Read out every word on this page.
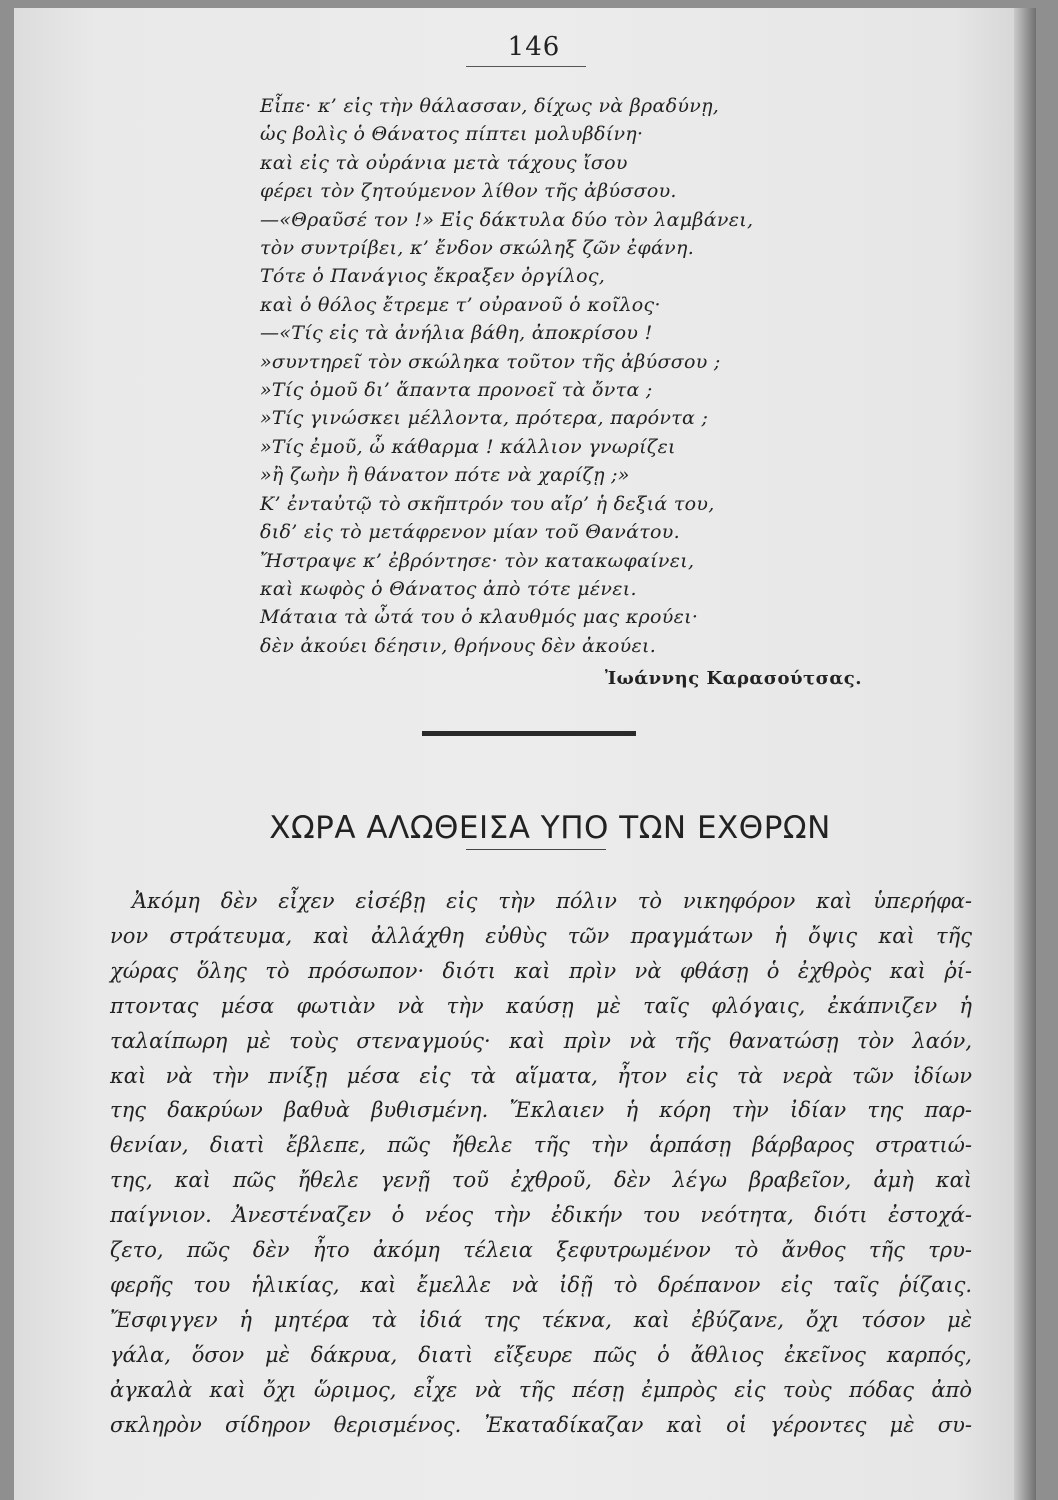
146
Εἶπε· κ’ εἰς τὴν θάλασσαν, δίχως νὰ βραδύνῃ,
ὡς βολὶς ὁ Θάνατος πίπτει μολυβδίνη·
καὶ εἰς τὰ οὐράνια μετὰ τάχους ἴσου
φέρει τὸν ζητούμενον λίθον τῆς ἀβύσσου.
—«Θραῦσέ τον !» Εἰς δάκτυλα δύο τὸν λαμβάνει,
τὸν συντρίβει, κ’ ἔνδον σκώληξ ζῶν ἐφάνη.
Τότε ὁ Πανάγιος ἔκραξεν ὀργίλος,
καὶ ὁ θόλος ἔτρεμε τ’ οὐρανοῦ ὁ κοῖλος·
—«Τίς εἰς τὰ ἀνήλια βάθη, ἀποκρίσου !
»συντηρεῖ τὸν σκώληκα τοῦτον τῆς ἀβύσσου ;
»Τίς ὁμοῦ δι’ ἅπαντα προνοεῖ τὰ ὄντα ;
»Τίς γινώσκει μέλλοντα, πρότερα, παρόντα ;
»Τίς ἐμοῦ, ὦ κάθαρμα ! κάλλιον γνωρίζει
»ἢ ζωὴν ἢ θάνατον πότε νὰ χαρίζῃ ;»
Κ’ ἐνταὐτῷ τὸ σκῆπτρόν του αἴρ’ ἡ δεξιά του,
διδ’ εἰς τὸ μετάφρενον μίαν τοῦ Θανάτου.
Ἤστραψε κ’ ἐβρόντησε· τὸν κατακωφαίνει,
καὶ κωφὸς ὁ Θάνατος ἀπὸ τότε μένει.
Μάταια τὰ ὦτά του ὁ κλαυθμός μας κρούει·
δὲν ἀκούει δέησιν, θρήνους δὲν ἀκούει.
Ἰωάννης Καρασούτσας.
ΧΩΡΑ ΑΛΩΘΕΙΣΑ ΥΠΟ ΤΩΝ ΕΧΘΡΩΝ
Ἀκόμη δὲν εἶχεν εἰσέβῃ εἰς τὴν πόλιν τὸ νικηφόρον καὶ ὑπερήφα-
νον στράτευμα, καὶ ἀλλάχθη εὐθὺς τῶν πραγμάτων ἡ ὄψις καὶ τῆς
χώρας ὅλης τὸ πρόσωπον· διότι καὶ πρὶν νὰ φθάσῃ ὁ ἐχθρὸς καὶ ῥί-
πτοντας μέσα φωτιὰν νὰ τὴν καύσῃ μὲ ταῖς φλόγαις, ἐκάπνιζεν ἡ
ταλαίπωρη μὲ τοὺς στεναγμούς· καὶ πρὶν νὰ τῆς θανατώσῃ τὸν λαόν,
καὶ νὰ τὴν πνίξῃ μέσα εἰς τὰ αἵματα, ἦτον εἰς τὰ νερὰ τῶν ἰδίων
της δακρύων βαθυὰ βυθισμένη. Ἔκλαιεν ἡ κόρη τὴν ἰδίαν της παρ-
θενίαν, διατὶ ἔβλεπε, πῶς ἤθελε τῆς τὴν ἁρπάσῃ βάρβαρος στρατιώ-
της, καὶ πῶς ἤθελε γενῇ τοῦ ἐχθροῦ, δὲν λέγω βραβεῖον, ἀμὴ καὶ
παίγνιον. Ἀνεστέναζεν ὁ νέος τὴν ἐδικήν του νεότητα, διότι ἐστοχά-
ζετο, πῶς δὲν ἦτο ἀκόμη τέλεια ξεφυτρωμένον τὸ ἄνθος τῆς τρυ-
φερῆς του ἡλικίας, καὶ ἔμελλε νὰ ἰδῇ τὸ δρέπανον εἰς ταῖς ῥίζαις.
Ἔσφιγγεν ἡ μητέρα τὰ ἰδιά της τέκνα, καὶ ἐβύζανε, ὄχι τόσον μὲ
γάλα, ὅσον μὲ δάκρυα, διατὶ εἴξευρε πῶς ὁ ἄθλιος ἐκεῖνος καρπός,
ἀγκαλὰ καὶ ὄχι ὥριμος, εἶχε νὰ τῆς πέσῃ ἐμπρὸς εἰς τοὺς πόδας ἀπὸ
σκληρὸν σίδηρον θερισμένος. Ἐκαταδίκαζαν καὶ οἱ γέροντες μὲ συ-
